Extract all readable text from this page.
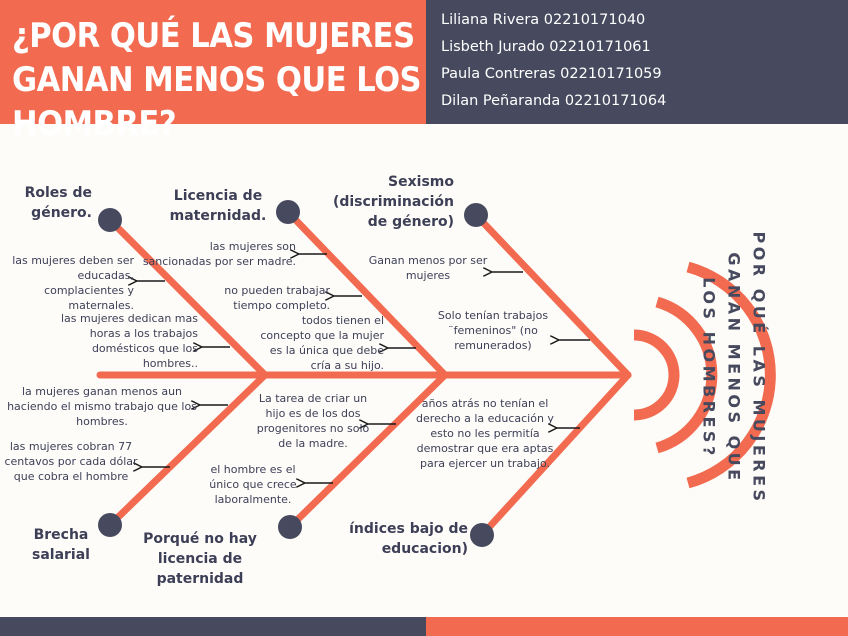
¿POR QUÉ LAS MUJERES GANAN MENOS QUE LOS HOMBRE?
Liliana Rivera 02210171040
Lisbeth Jurado 02210171061
Paula Contreras 02210171059
Dilan Peñaranda 02210171064
Roles de género.
Licencia de maternidad.
Sexismo (discriminación de género)
Brecha salarial
Porqué no hay licencia de paternidad
índices bajo de educacion)

las mujeres deben ser educadas, complacientes y maternales.

las mujeres dedican mas horas a los trabajos domésticos que los hombres..

la mujeres ganan menos aun haciendo el mismo trabajo que los hombres.

las mujeres cobran 77 centavos por cada dólar que cobra el hombre

las mujeres son sancionadas por ser madre.

no pueden trabajar tiempo completo.

todos tienen el concepto que la mujer es la única que debe cría a su hijo.

La tarea de criar un hijo es de los dos progenitores no solo de la madre.

el hombre es el único que crece laboralmente.

Ganan menos por ser mujeres

Solo tenían trabajos ¨femeninos" (no remunerados)

años atrás no tenían el derecho a la educación y esto no les permitía demostrar que era aptas para ejercer un trabajo.	POR QUÉ LAS MUJERES GANAN MENOS QUE LOS HOMBRES?
